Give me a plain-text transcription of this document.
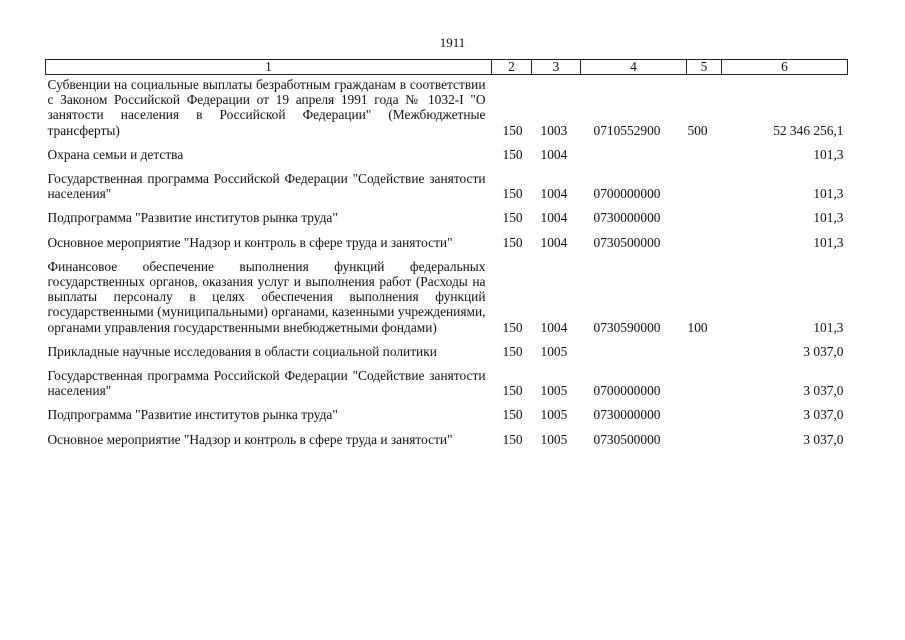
1911
1	2	3	4	5	6
Субвенции на социальные выплаты безработным гражданам в соответствии с Законом Российской Федерации от 19 апреля 1991 года № 1032-I "О занятости населения в Российской Федерации" (Межбюджетные трансферты)	150	1003	0710552900	500	52 346 256,1
Охрана семьи и детства	150	1004			101,3
Государственная программа Российской Федерации "Содействие занятости населения"	150	1004	0700000000		101,3
Подпрограмма "Развитие институтов рынка труда"	150	1004	0730000000		101,3
Основное мероприятие "Надзор и контроль в сфере труда и занятости"	150	1004	0730500000		101,3
Финансовое обеспечение выполнения функций федеральных государственных органов, оказания услуг и выполнения работ (Расходы на выплаты персоналу в целях обеспечения выполнения функций государственными (муниципальными) органами, казенными учреждениями, органами управления государственными внебюджетными фондами)	150	1004	0730590000	100	101,3
Прикладные научные исследования в области социальной политики	150	1005			3 037,0
Государственная программа Российской Федерации "Содействие занятости населения"	150	1005	0700000000		3 037,0
Подпрограмма "Развитие институтов рынка труда"	150	1005	0730000000		3 037,0
Основное мероприятие "Надзор и контроль в сфере труда и занятости"	150	1005	0730500000		3 037,0
